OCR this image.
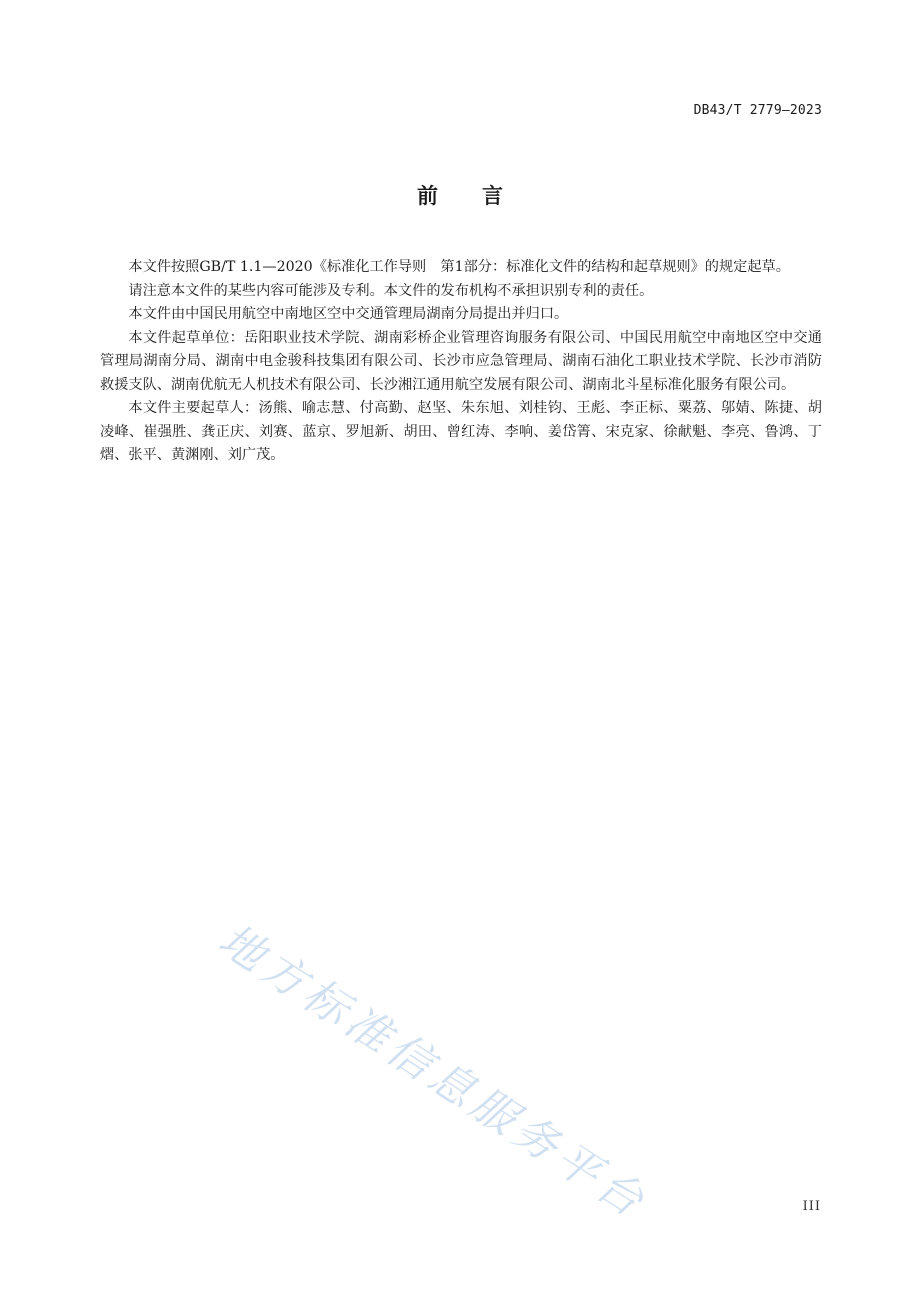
DB43/T 2779—2023
前言

本文件按照GB/T 1.1—2020《标准化工作导则　第1部分：标准化文件的结构和起草规则》的规定起草。

请注意本文件的某些内容可能涉及专利。本文件的发布机构不承担识别专利的责任。

本文件由中国民用航空中南地区空中交通管理局湖南分局提出并归口。

本文件起草单位：岳阳职业技术学院、湖南彩桥企业管理咨询服务有限公司、中国民用航空中南地区空中交通管理局湖南分局、湖南中电金骏科技集团有限公司、长沙市应急管理局、湖南石油化工职业技术学院、长沙市消防救援支队、湖南优航无人机技术有限公司、长沙湘江通用航空发展有限公司、湖南北斗星标准化服务有限公司。

本文件主要起草人：汤熊、喻志慧、付高勤、赵坚、朱东旭、刘桂钧、王彪、李正标、粟荔、邬婧、陈捷、胡凌峰、崔强胜、龚正庆、刘赛、蓝京、罗旭新、胡田、曾红涛、李响、姜岱箐、宋克家、徐献魁、李亮、鲁鸿、丁熠、张平、黄渊刚、刘广茂。

地方标准信息服务平台	III
